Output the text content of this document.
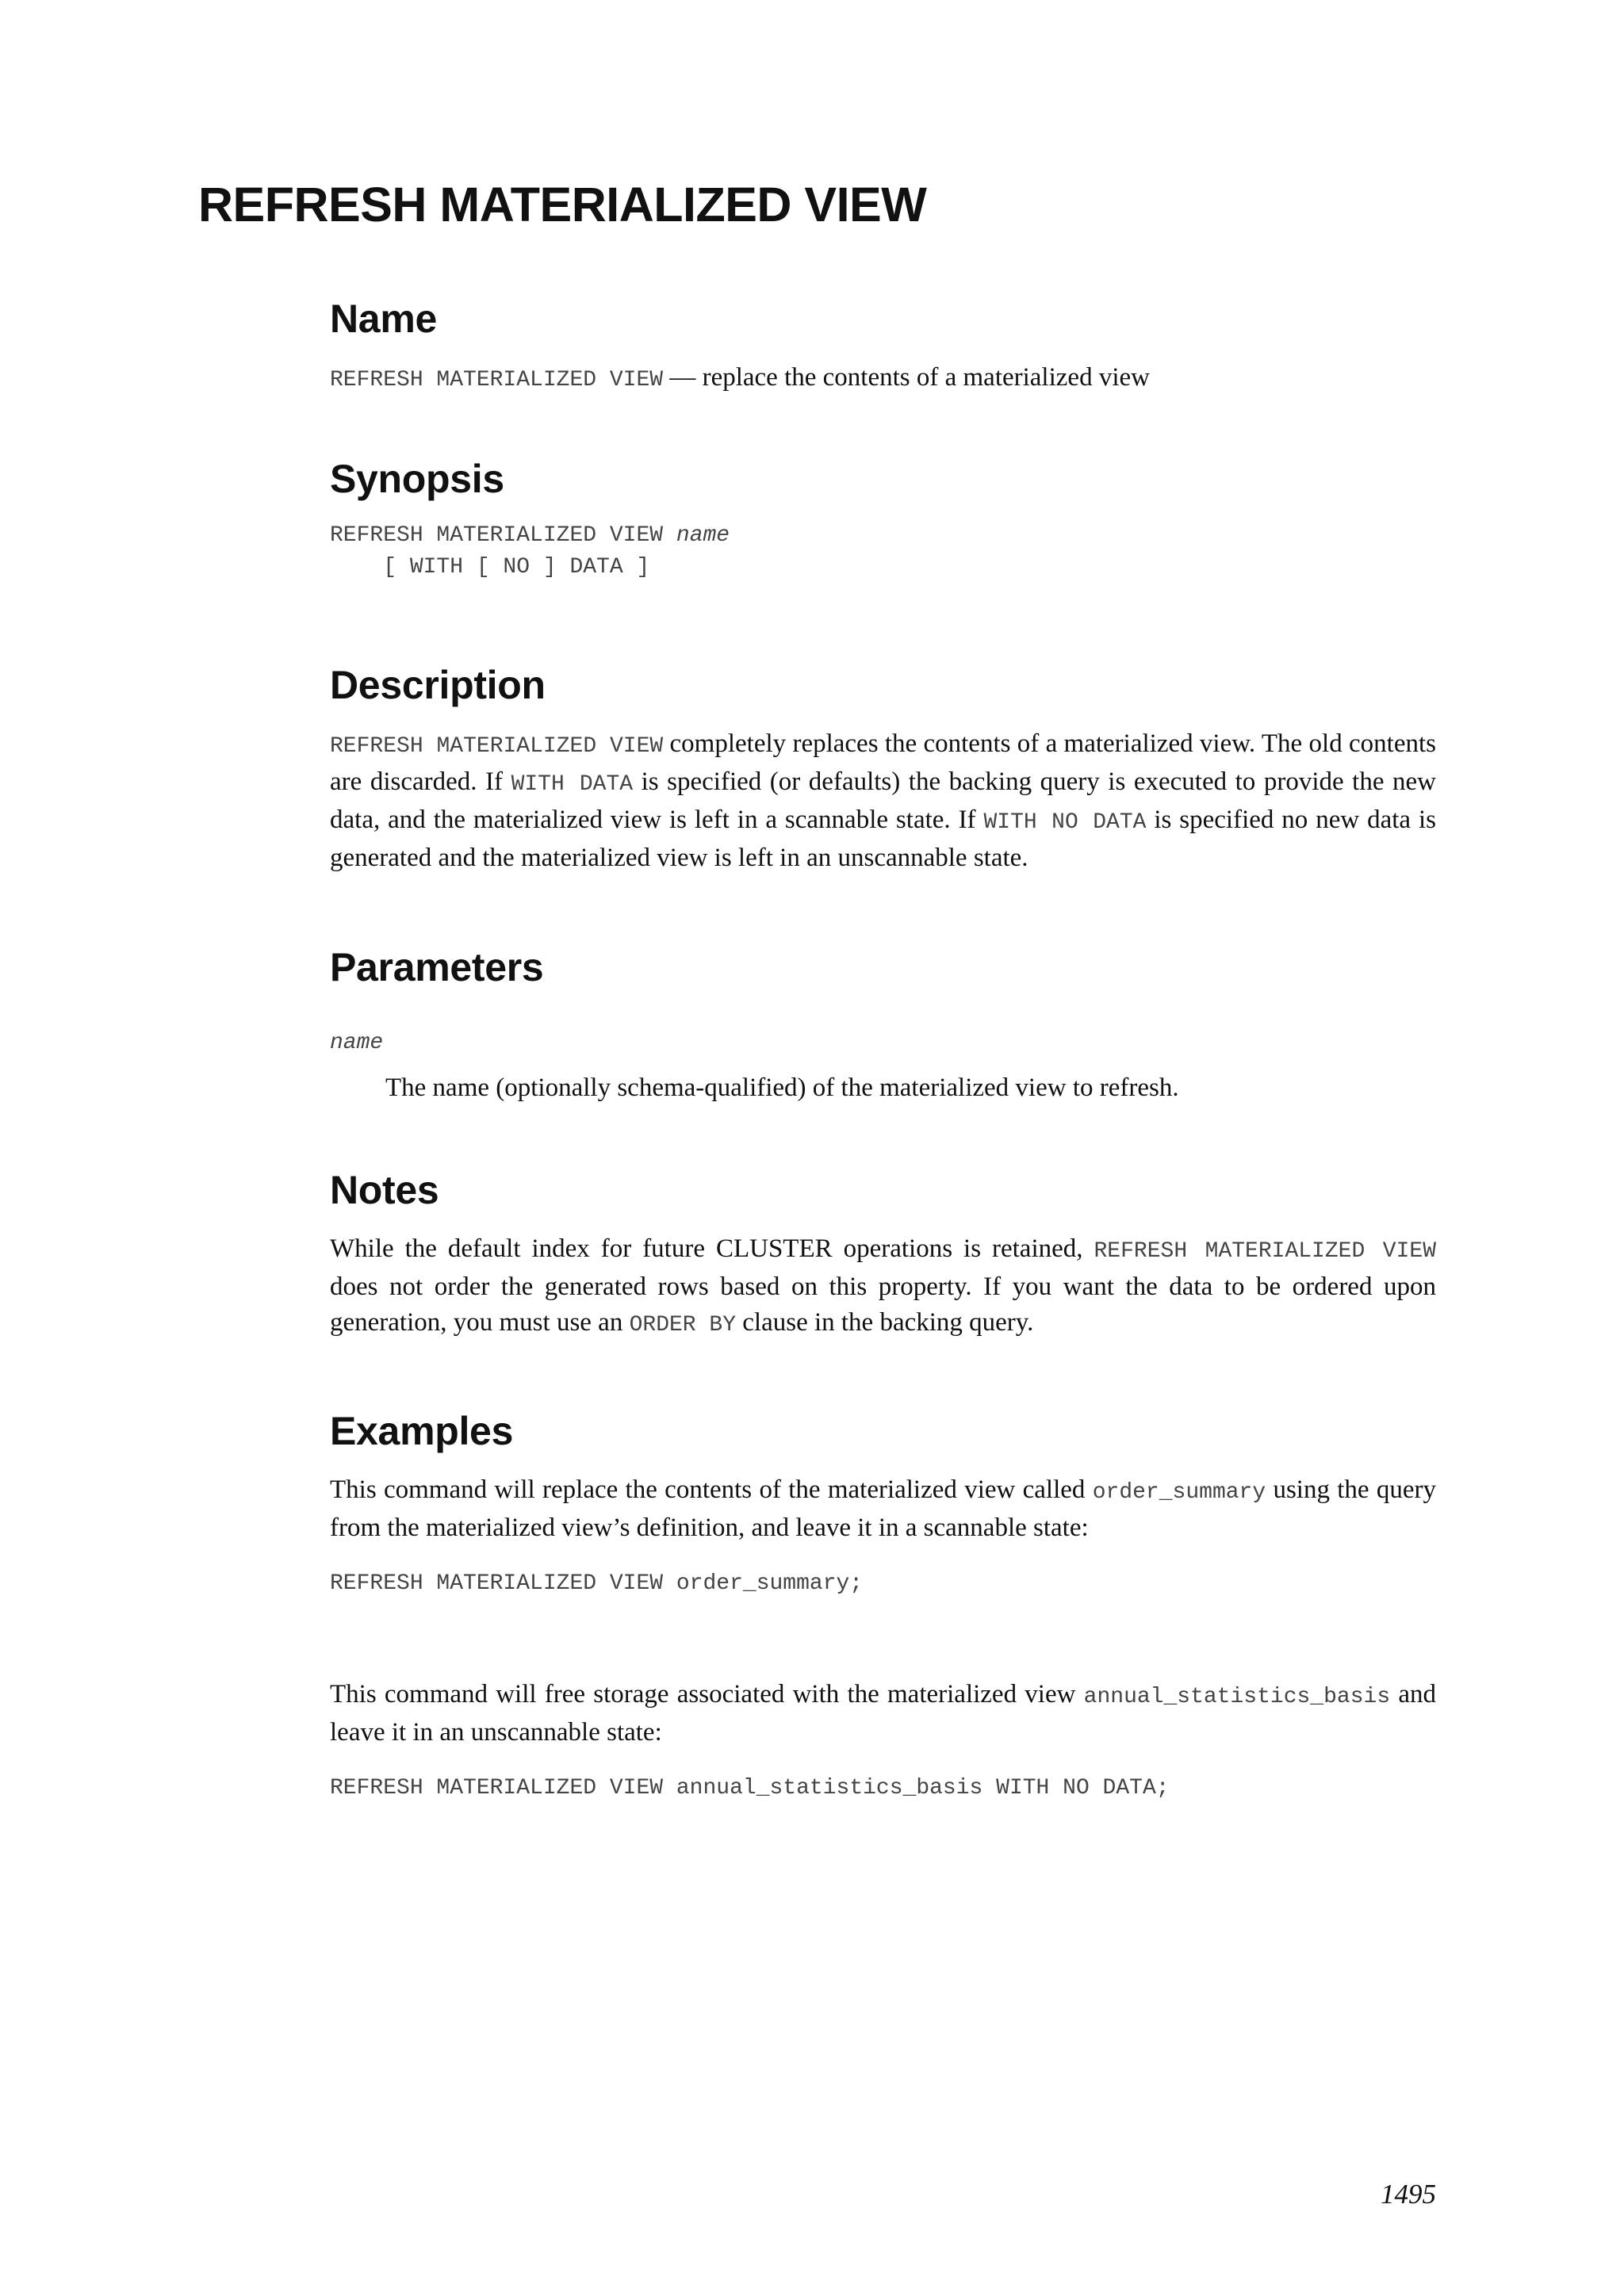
REFRESH MATERIALIZED VIEW
Name

REFRESH MATERIALIZED VIEW — replace the contents of a materialized view

Synopsis
REFRESH MATERIALIZED VIEW name
[ WITH [ NO ] DATA ]
Description

REFRESH MATERIALIZED VIEW completely replaces the contents of a materialized view. The old contents are discarded. If WITH DATA is specified (or defaults) the backing query is executed to provide the new data, and the materialized view is left in a scannable state. If WITH NO DATA is specified no new data is generated and the materialized view is left in an unscannable state.

Parameters

name

The name (optionally schema-qualified) of the materialized view to refresh.

Notes

While the default index for future CLUSTER operations is retained, REFRESH MATERIALIZED VIEW does not order the generated rows based on this property. If you want the data to be ordered upon generation, you must use an ORDER BY clause in the backing query.

Examples

This command will replace the contents of the materialized view called order_summary using the query from the materialized view’s definition, and leave it in a scannable state:

REFRESH MATERIALIZED VIEW order_summary;

This command will free storage associated with the materialized view annual_statistics_basis and leave it in an unscannable state:

REFRESH MATERIALIZED VIEW annual_statistics_basis WITH NO DATA;
1495
